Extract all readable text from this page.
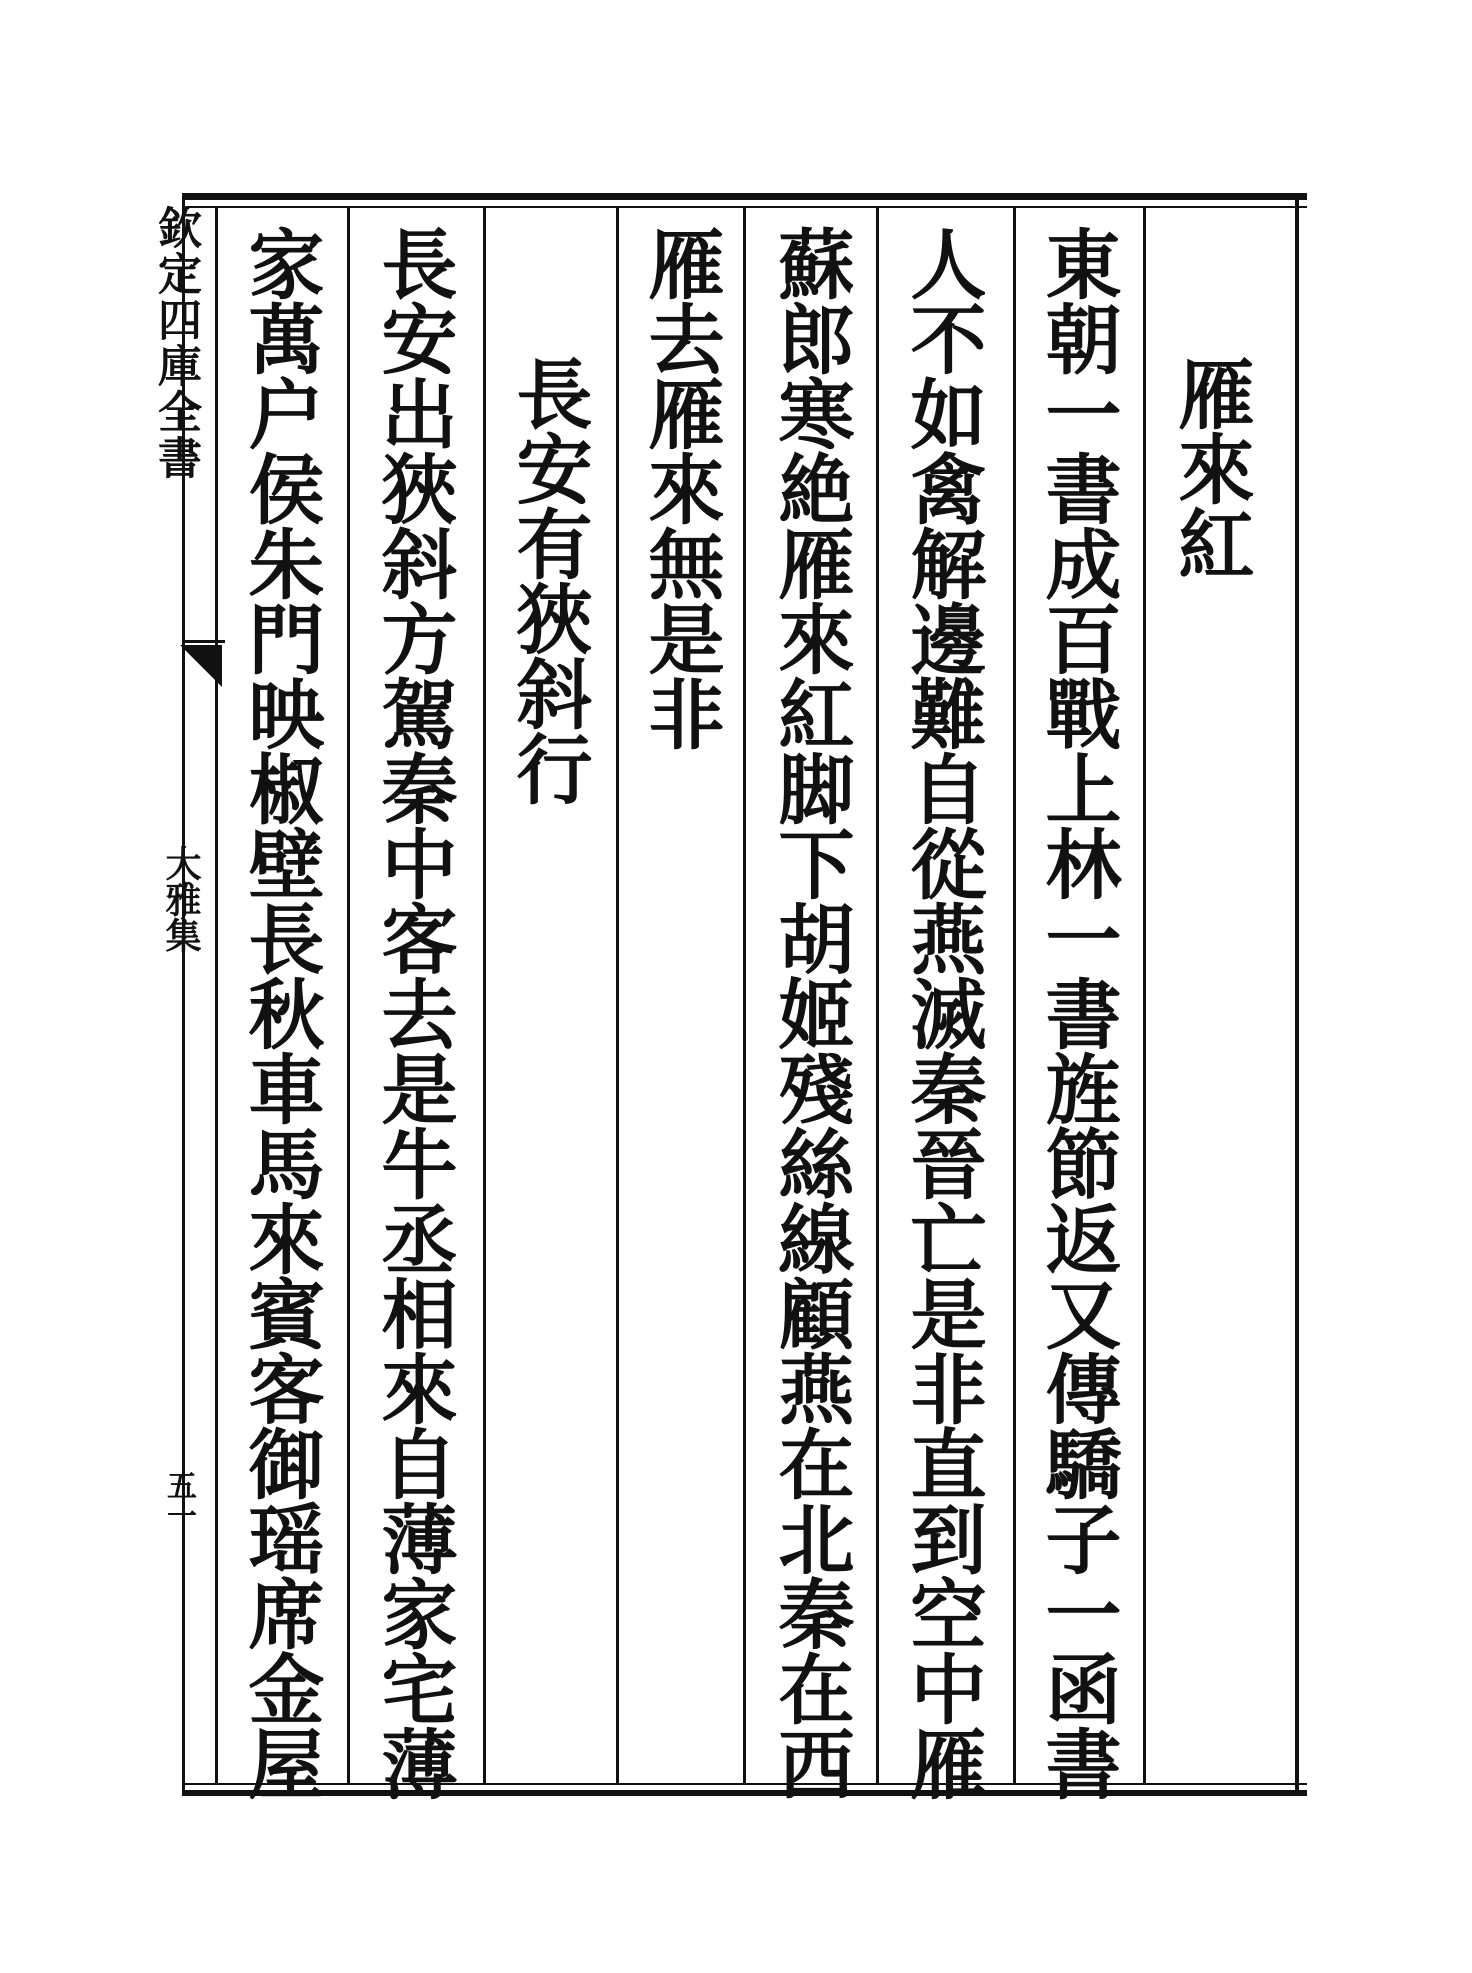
欽定四庫全書
大雅集
五一
雁來紅
東朝一書成百戰上林一書旌節返又傳驕子一函書
人不如禽解邊難自從燕滅秦晉亡是非直到空中雁
蘇郎寒絶雁來紅脚下胡姬殘絲線顧燕在北秦在西
雁去雁來無是非
長安有狹斜行
長安出狹斜方駕秦中客去是牛丞相來自薄家宅薄
家萬户侯朱門映椒壁長秋車馬來賓客御瑶席金屋
